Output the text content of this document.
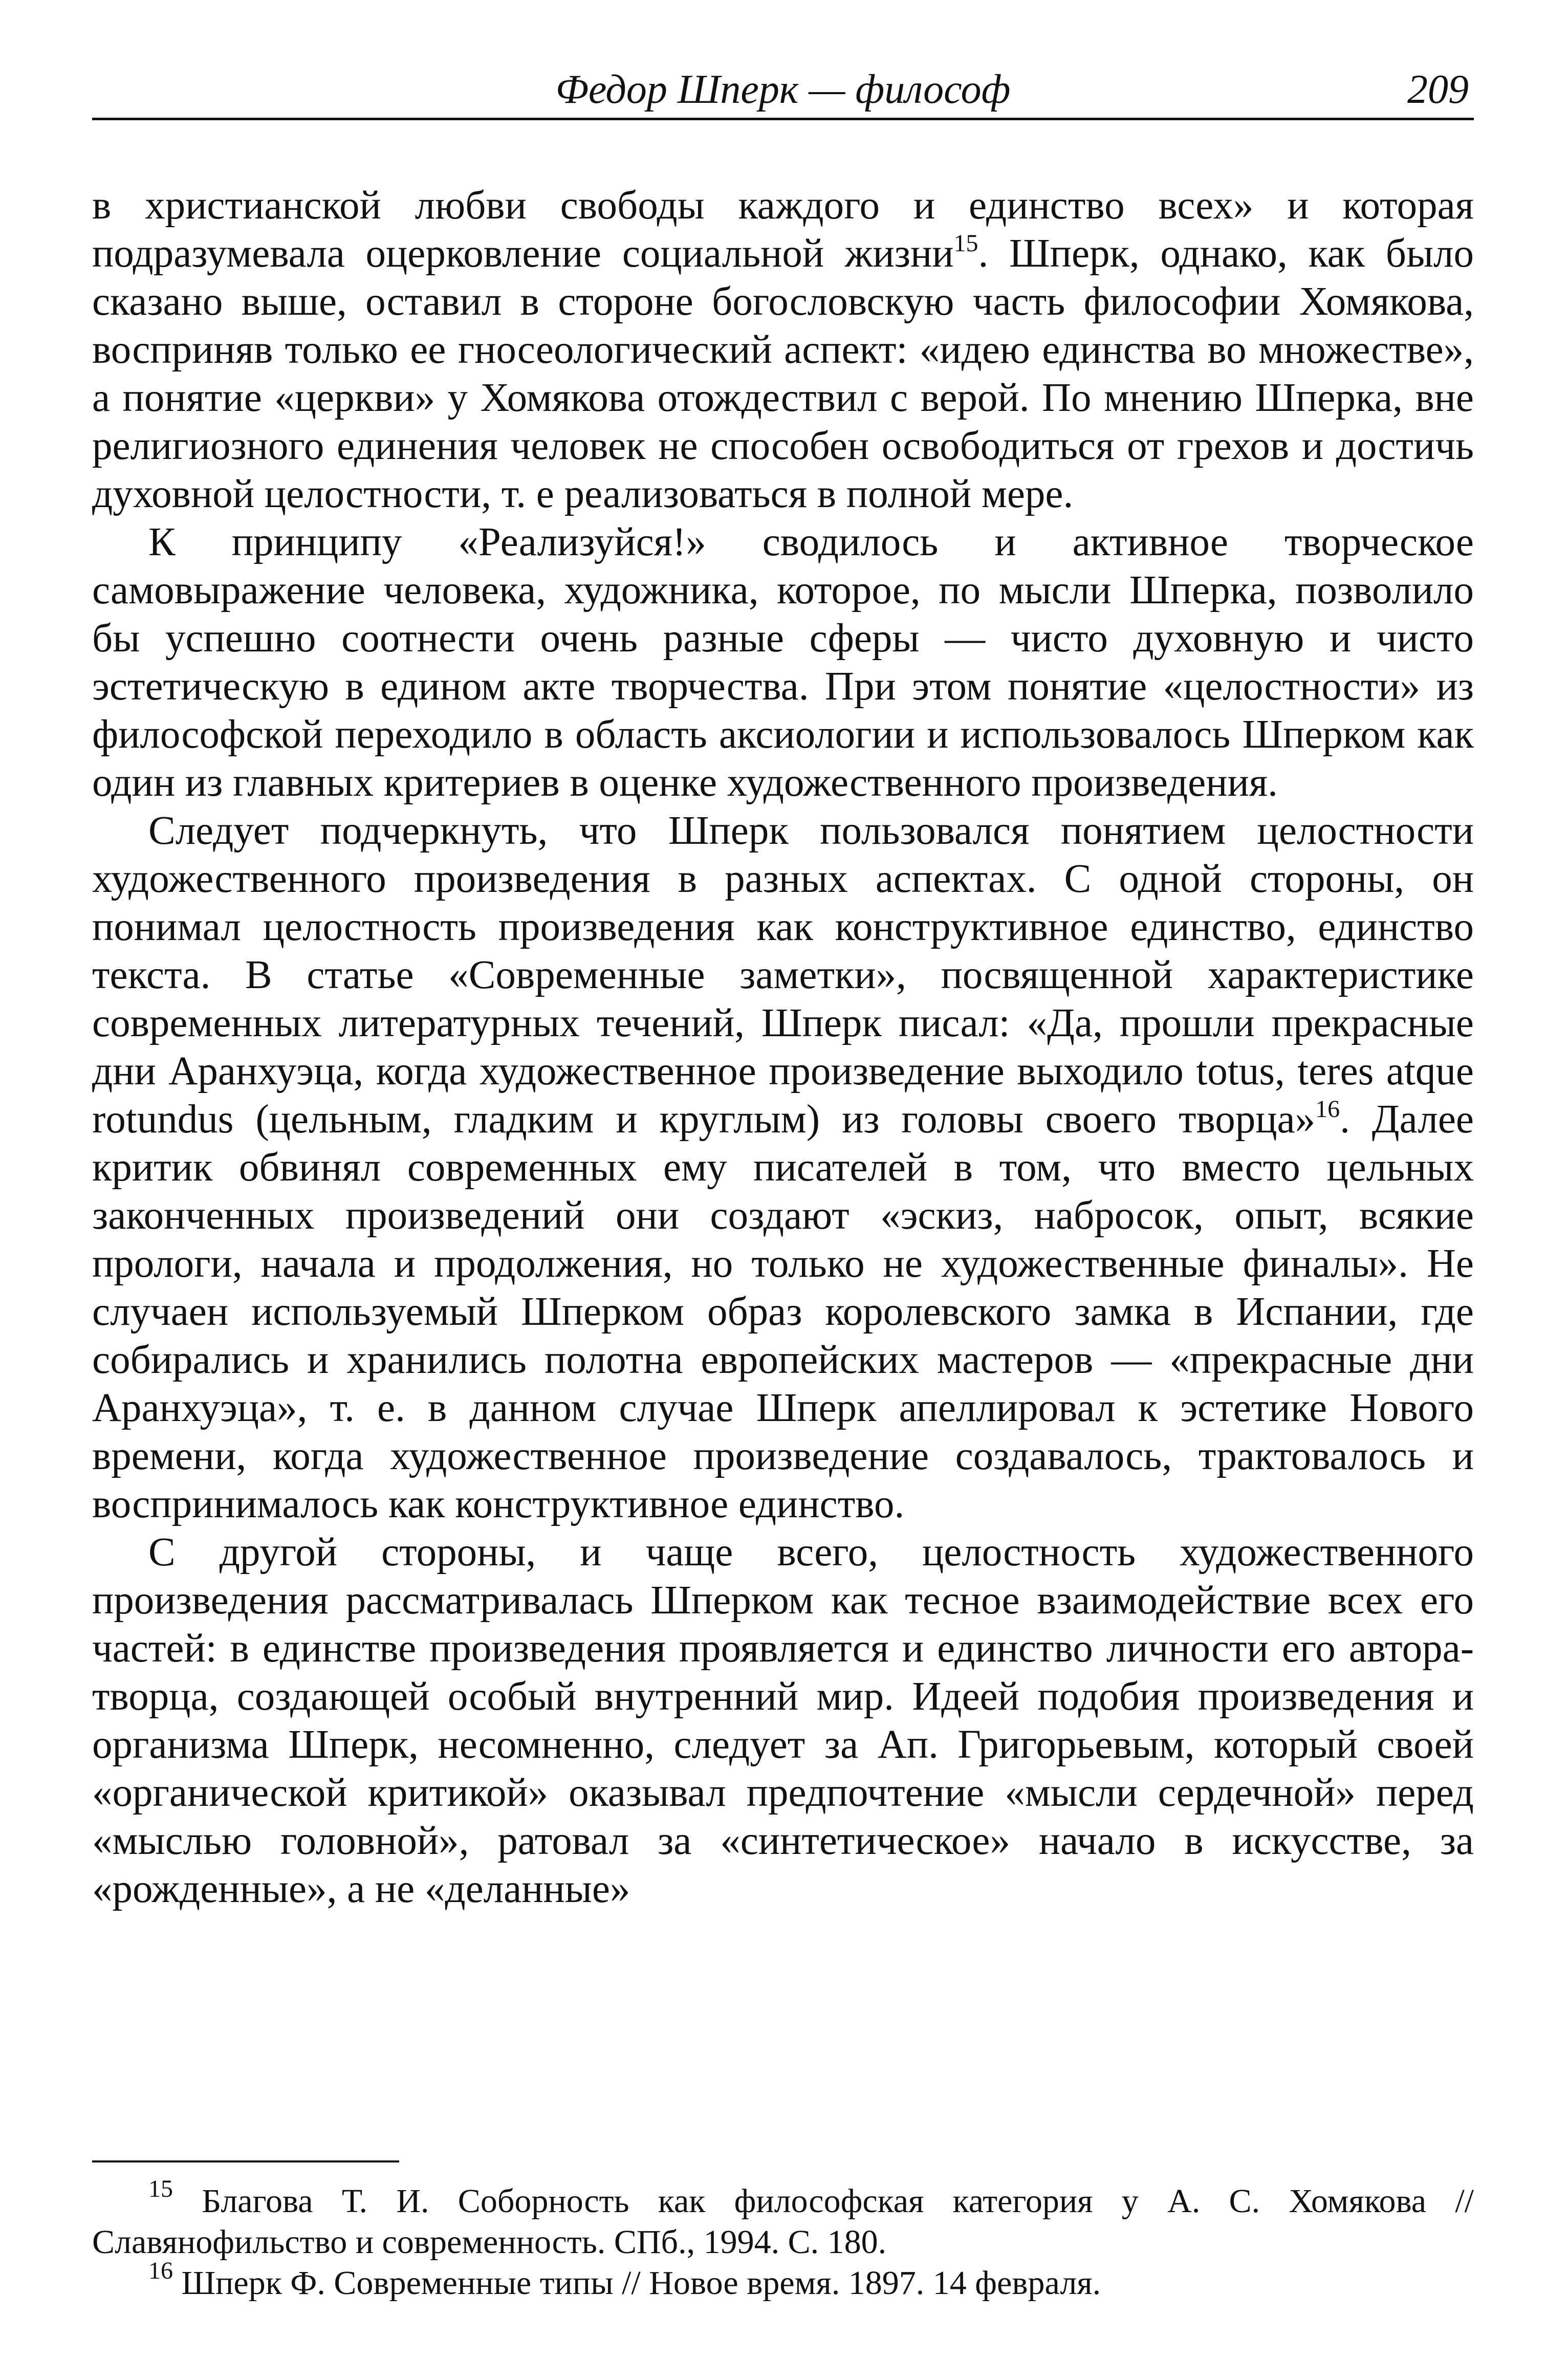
Федор Шперк — философ	209

в христианской любви свободы каждого и единство всех» и которая подразумевала оцерковление социальной жизни$^{15}$. Шперк, однако, как было сказано выше, оставил в стороне богословскую часть философии Хомякова, восприняв только ее гносеологический аспект: «идею единства во множестве», а понятие «церкви» у Хомякова отождествил с верой. По мнению Шперка, вне религиозного единения человек не способен освободиться от грехов и достичь духовной целостности, т. е реализоваться в полной мере.

К принципу «Реализуйся!» сводилось и активное творческое самовыражение человека, художника, которое, по мысли Шперка, позволило бы успешно соотнести очень разные сферы — чисто духовную и чисто эстетическую в едином акте творчества. При этом понятие «целостности» из философской переходило в область аксиологии и использовалось Шперком как один из главных критериев в оценке художественного произведения.

Следует подчеркнуть, что Шперк пользовался понятием целостности художественного произведения в разных аспектах. С одной стороны, он понимал целостность произведения как конструктивное единство, единство текста. В статье «Современные заметки», посвященной характеристике современных литературных течений, Шперк писал: «Да, прошли прекрасные дни Аранхуэца, когда художественное произведение выходило totus, teres atque rotundus (цельным, гладким и круглым) из головы своего творца»$^{16}$. Далее критик обвинял современных ему писателей в том, что вместо цельных законченных произведений они создают «эскиз, набросок, опыт, всякие прологи, начала и продолжения, но только не художественные финалы». Не случаен используемый Шперком образ королевского замка в Испании, где собирались и хранились полотна европейских мастеров — «прекрасные дни Аранхуэца», т. е. в данном случае Шперк апеллировал к эстетике Нового времени, когда художественное произведение создавалось, трактовалось и воспринималось как конструктивное единство.

С другой стороны, и чаще всего, целостность художественного произведения рассматривалась Шперком как тесное взаимодействие всех его частей: в единстве произведения проявляется и единство личности его автора-творца, создающей особый внутренний мир. Идеей подобия произведения и организма Шперк, несомненно, следует за Ап. Григорьевым, который своей «органической критикой» оказывал предпочтение «мысли сердечной» перед «мыслью головной», ратовал за «синтетическое» начало в искусстве, за «рожденные», а не «деланные»

$^{15}$ Благова Т. И. Соборность как философская категория у А. С. Хомякова // Славянофильство и современность. СПб., 1994. С. 180.

$^{16}$ Шперк Ф. Современные типы // Новое время. 1897. 14 февраля.
